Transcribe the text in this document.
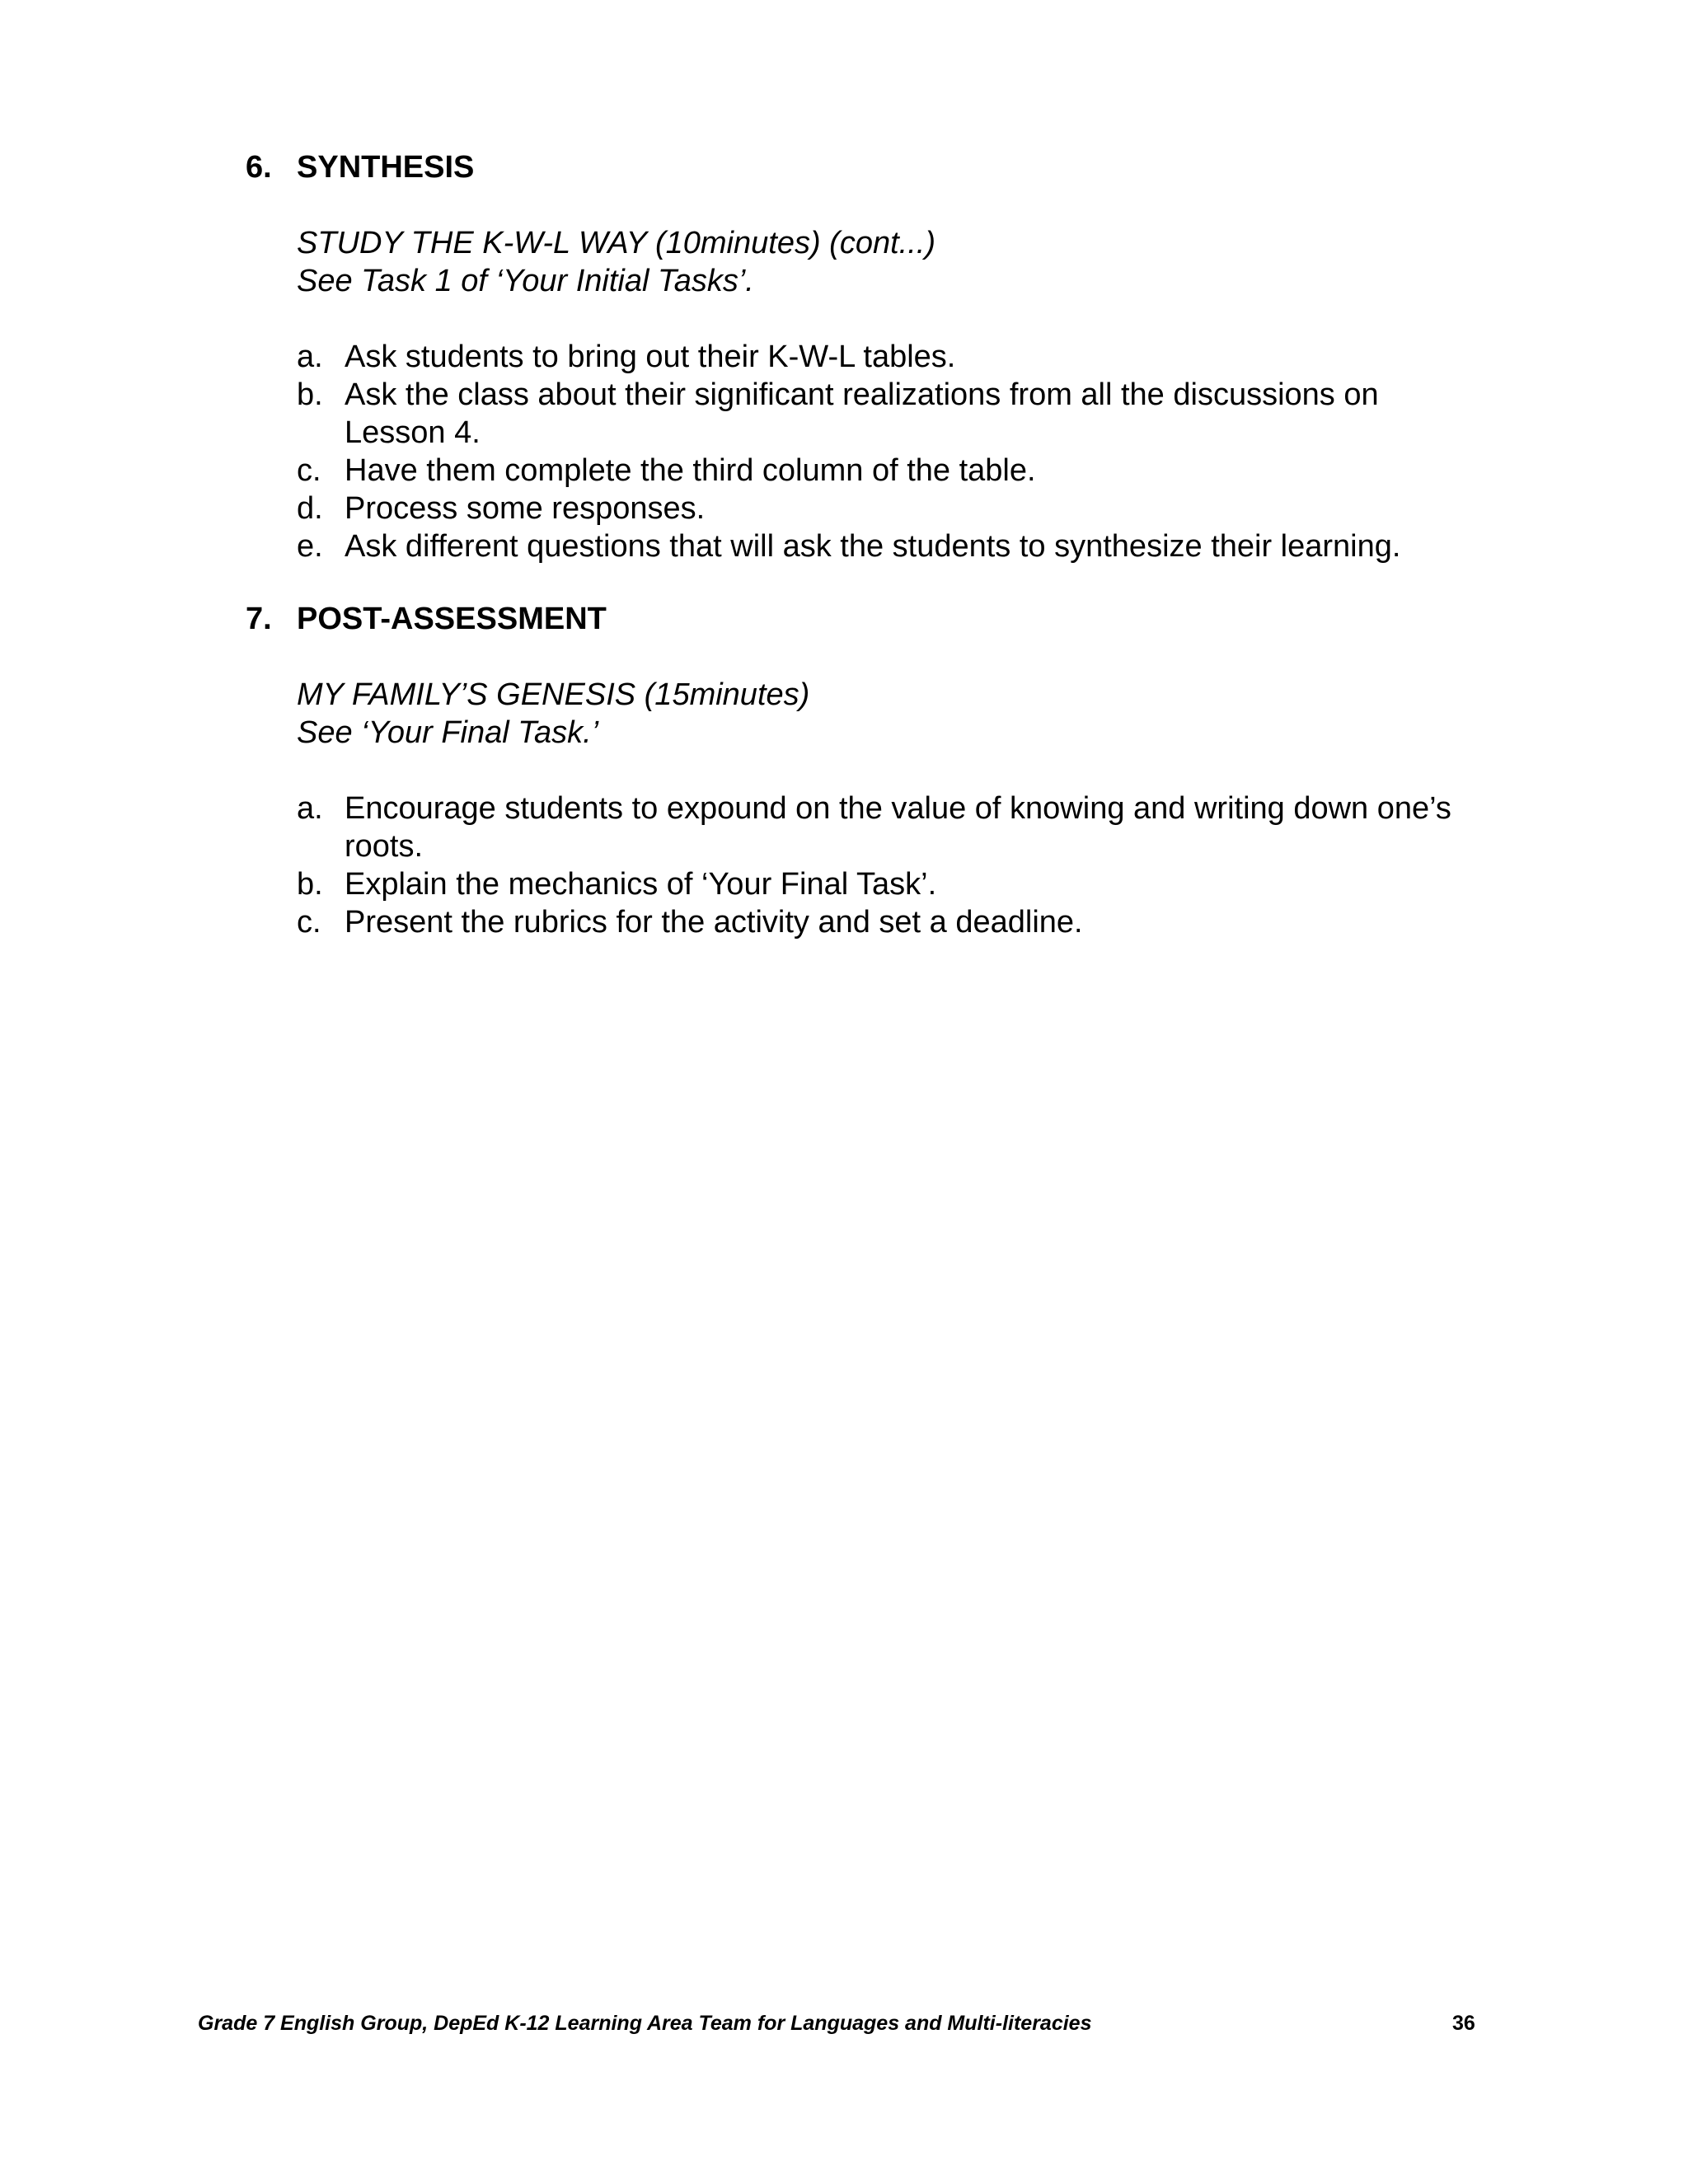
6. SYNTHESIS
STUDY THE K-W-L WAY (10minutes) (cont...)
See Task 1 of ‘Your Initial Tasks’.
a. Ask students to bring out their K-W-L tables.
b. Ask the class about their significant realizations from all the discussions on Lesson 4.
c. Have them complete the third column of the table.
d. Process some responses.
e. Ask different questions that will ask the students to synthesize their learning.
7. POST-ASSESSMENT
MY FAMILY’S GENESIS (15minutes)
See ‘Your Final Task.’
a. Encourage students to expound on the value of knowing and writing down one’s roots.
b. Explain the mechanics of ‘Your Final Task’.
c. Present the rubrics for the activity and set a deadline.
Grade 7 English Group, DepEd K-12 Learning Area Team for Languages and Multi-literacies	36
